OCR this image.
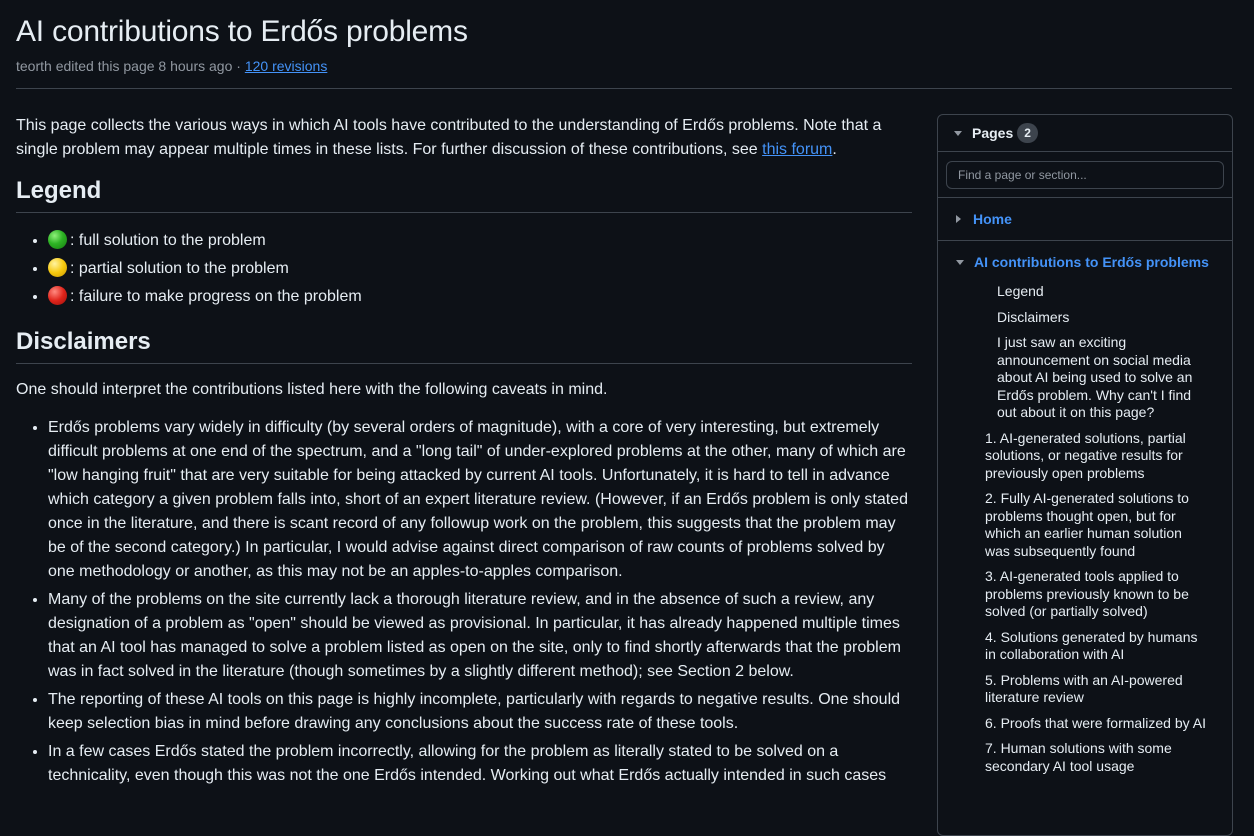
AI contributions to Erdős problems
teorth edited this page 8 hours ago · 120 revisions

This page collects the various ways in which AI tools have contributed to the understanding of Erdős problems. Note that a single problem may appear multiple times in these lists. For further discussion of these contributions, see this forum.

Legend
• : full solution to the problem
• : partial solution to the problem
• : failure to make progress on the problem
Disclaimers

One should interpret the contributions listed here with the following caveats in mind.

• Erdős problems vary widely in difficulty (by several orders of magnitude), with a core of very interesting, but extremely difficult problems at one end of the spectrum, and a "long tail" of under-explored problems at the other, many of which are "low hanging fruit" that are very suitable for being attacked by current AI tools. Unfortunately, it is hard to tell in advance which category a given problem falls into, short of an expert literature review. (However, if an Erdős problem is only stated once in the literature, and there is scant record of any followup work on the problem, this suggests that the problem may be of the second category.) In particular, I would advise against direct comparison of raw counts of problems solved by one methodology or another, as this may not be an apples-to-apples comparison.
• Many of the problems on the site currently lack a thorough literature review, and in the absence of such a review, any designation of a problem as "open" should be viewed as provisional. In particular, it has already happened multiple times that an AI tool has managed to solve a problem listed as open on the site, only to find shortly afterwards that the problem was in fact solved in the literature (though sometimes by a slightly different method); see Section 2 below.
• The reporting of these AI tools on this page is highly incomplete, particularly with regards to negative results. One should keep selection bias in mind before drawing any conclusions about the success rate of these tools.
• In a few cases Erdős stated the problem incorrectly, allowing for the problem as literally stated to be solved on a technicality, even though this was not the one Erdős intended. Working out what Erdős actually intended in such cases
Pages 2
Find a page or section...
Home
AI contributions to Erdős problems
Legend
Disclaimers
I just saw an exciting announcement on social media about AI being used to solve an Erdős problem. Why can't I find out about it on this page?
1. AI-generated solutions, partial solutions, or negative results for previously open problems
2. Fully AI-generated solutions to problems thought open, but for which an earlier human solution was subsequently found
3. AI-generated tools applied to problems previously known to be solved (or partially solved)
4. Solutions generated by humans in collaboration with AI
5. Problems with an AI-powered literature review
6. Proofs that were formalized by AI
7. Human solutions with some secondary AI tool usage
